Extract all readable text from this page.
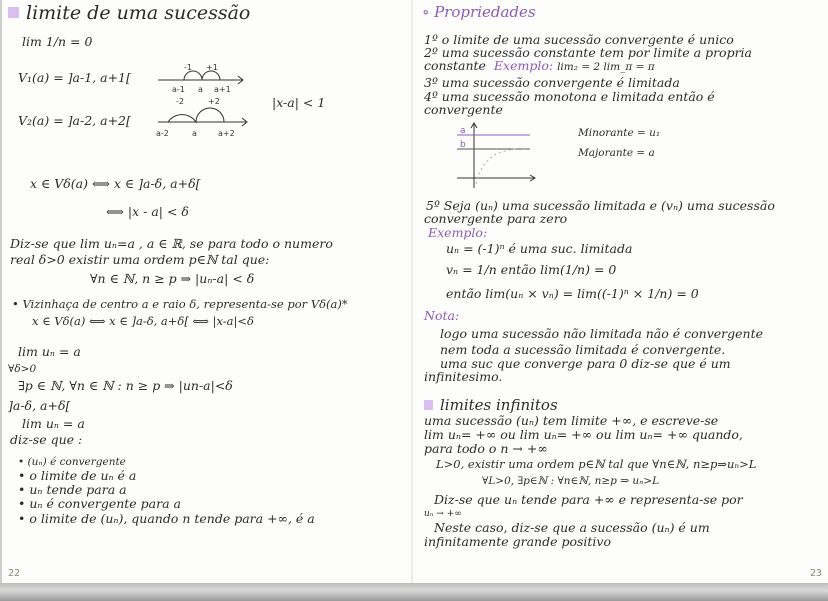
limite de uma sucessão
lim 1/n = 0
V₁(a) = ]a-1, a+1[
-1 +1
a-1 a a+1
|x-a| < 1
V₂(a) = ]a-2, a+2[
-2	+2
a-2	a	a+2
x ∈ Vδ(a) ⟺ x ∈ ]a-δ, a+δ[
⟺ |x - a| < δ
Diz-se que lim uₙ=a , a ∈ ℝ, se para todo o numero
real δ>0 existir uma ordem p∈ℕ tal que:
∀n ∈ ℕ, n ≥ p ⇒ |uₙ-a| < δ
• Vizinhaça de centro a e raio δ, representa-se por Vδ(a)*
x ∈ Vδ(a) ⟺ x ∈ ]a-δ, a+δ[ ⟺ |x-a|<δ
lim uₙ = a
∀δ>0
∃p ∈ ℕ, ∀n ∈ ℕ : n ≥ p ⇒ |un-a|<δ
]a-δ, a+δ[
lim uₙ = a
diz-se que :
• (uₙ) é convergente
• o limite de uₙ é a
• uₙ tende para a
• uₙ é convergente para a
• o limite de (uₙ), quando n tende para +∞, é a
22
∘ Propriedades
1º o limite de uma sucessão convergente é unico
2º uma sucessão constante tem por limite a propria
constante Exemplo: lim₂ = 2 lim_π = π
3º uma sucessão convergente é limitada
4º uma sucessão monotona e limitada então é
convergente
a
b
Minorante = u₁
Majorante = a
5º Seja (uₙ) uma sucessão limitada e (vₙ) uma sucessão
convergente para zero
Exemplo:
uₙ = (-1)ⁿ é uma suc. limitada
vₙ = 1/n então lim(1/n) = 0
então lim(uₙ × vₙ) = lim((-1)ⁿ × 1/n) = 0
Nota:
logo uma sucessão não limitada não é convergente
nem toda a sucessão limitada é convergente.
uma suc que converge para 0 diz-se que é um
infinitesimo.
limites infinitos
uma sucessão (uₙ) tem limite +∞, e escreve-se
lim uₙ= +∞ ou lim uₙ= +∞ ou lim uₙ= +∞ quando,
para todo o n → +∞
L>0, existir uma ordem p∈ℕ tal que ∀n∈ℕ, n≥p⇒uₙ>L
∀L>0, ∃p∈ℕ : ∀n∈ℕ, n≥p ⇒ uₙ>L
Diz-se que uₙ tende para +∞ e representa-se por
uₙ → +∞
Neste caso, diz-se que a sucessão (uₙ) é um
infinitamente grande positivo
23
